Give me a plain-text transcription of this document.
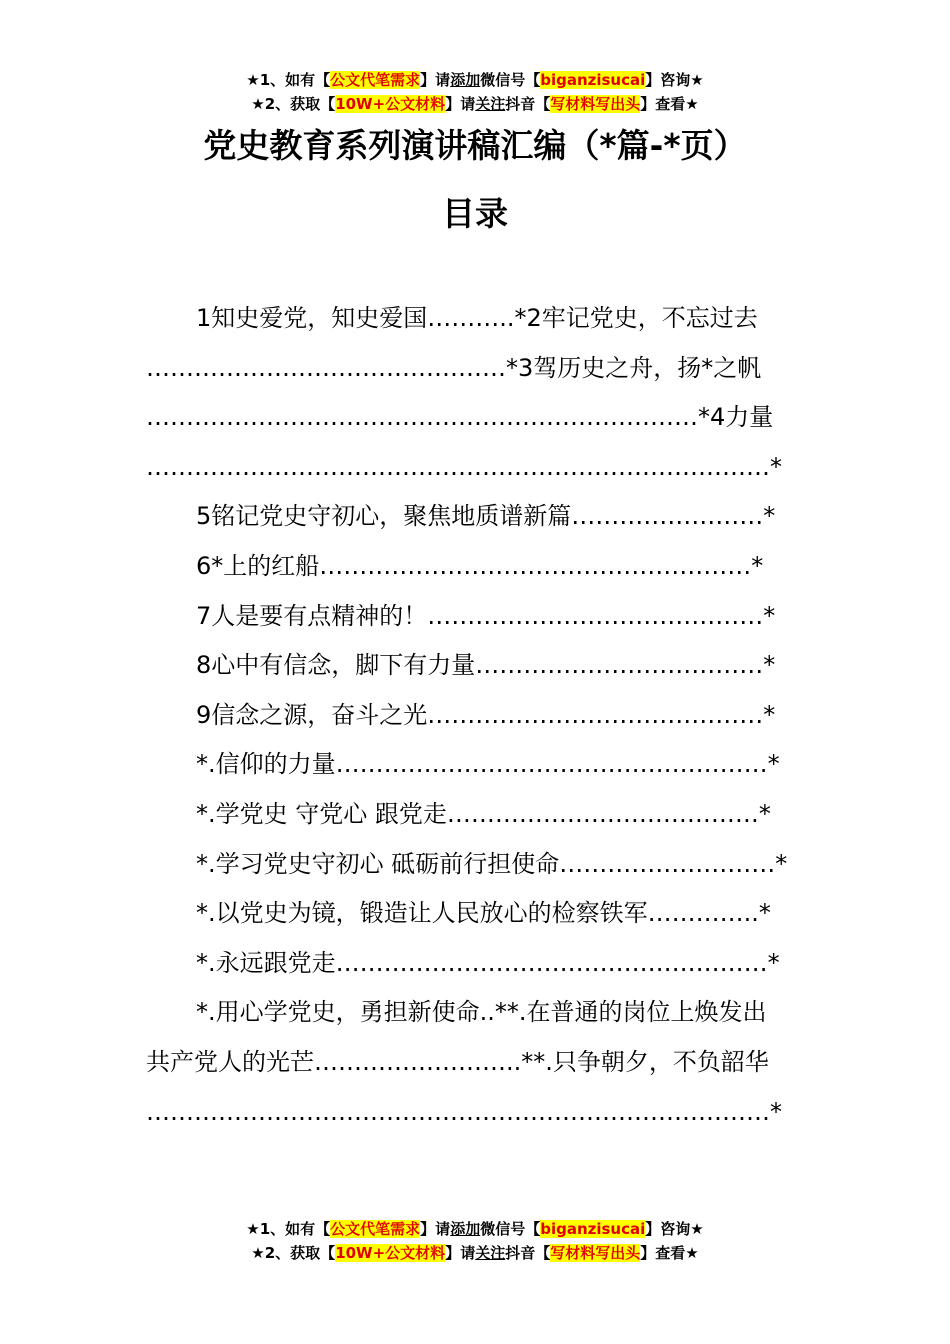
★1、如有【公文代笔需求】请添加微信号【biganzisucai】咨询★
★2、获取【10W+公文材料】请关注抖音【写材料写出头】查看★
党史教育系列演讲稿汇编（*篇-*页）
目录
1知史爱党，知史爱国………..*2牢记党史，不忘过去
………………………………………*3驾历史之舟，扬*之帆
……………………………………………………………*4力量
……………………………………………………………………*
5铭记党史守初心，聚焦地质谱新篇……………………*
6*上的红船………………………………………………*
7人是要有点精神的！……………………………………*
8心中有信念，脚下有力量………………………………*
9信念之源，奋斗之光……………………………………*
*.信仰的力量………………………………………………*
*.学党史 守党心 跟党走…………………………………*
*.学习党史守初心 砥砺前行担使命………………………*
*.以党史为镜，锻造让人民放心的检察铁军…………..*
*.永远跟党走………………………………………………*
*.用心学党史，勇担新使命..**.在普通的岗位上焕发出
共产党人的光芒……………………..**.只争朝夕，不负韶华
……………………………………………………………………*
★1、如有【公文代笔需求】请添加微信号【biganzisucai】咨询★
★2、获取【10W+公文材料】请关注抖音【写材料写出头】查看★
